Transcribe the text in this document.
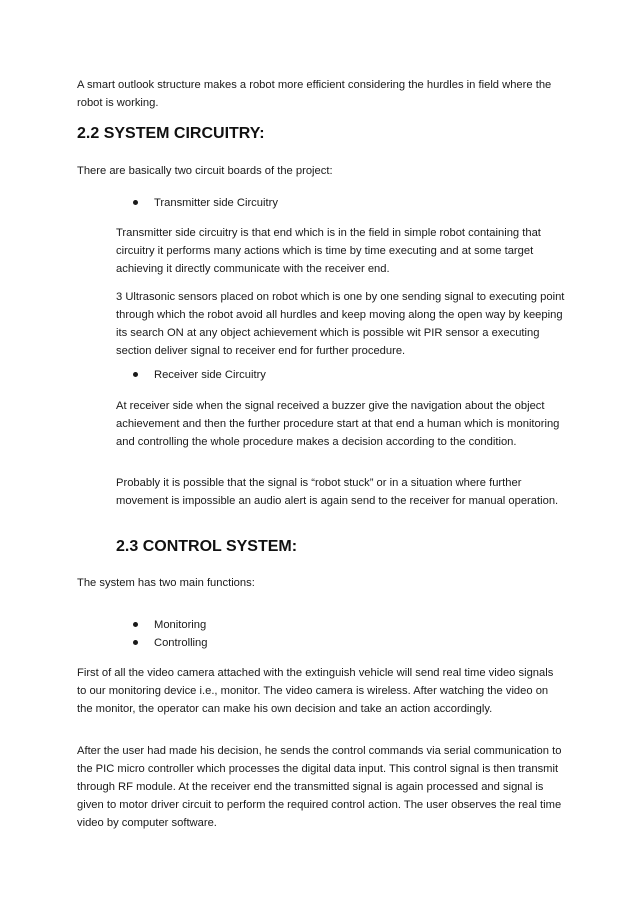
A smart outlook structure makes a robot more efficient considering the hurdles in field where the robot is working.

2.2 SYSTEM CIRCUITRY:

There are basically two circuit boards of the project:

Transmitter side Circuitry

Transmitter side circuitry is that end which is in the field in simple robot containing that circuitry it performs many actions which is time by time executing and at some target achieving it directly communicate with the receiver end.

3 Ultrasonic sensors placed on robot which is one by one sending signal to executing point through which the robot avoid all hurdles and keep moving along the open way by keeping its search ON at any object achievement which is possible wit PIR sensor a executing section deliver signal to receiver end for further procedure.

Receiver side Circuitry

At receiver side when the signal received a buzzer give the navigation about the object achievement and then the further procedure start at that end a human which is monitoring and controlling the whole procedure makes a decision according to the condition.

Probably it is possible that the signal is “robot stuck” or in a situation where further movement is impossible an audio alert is again send to the receiver for manual operation.

2.3 CONTROL SYSTEM:

The system has two main functions:

Monitoring
Controlling

First of all the video camera attached with the extinguish vehicle will send real time video signals to our monitoring device i.e., monitor. The video camera is wireless. After watching the video on the monitor, the operator can make his own decision and take an action accordingly.

After the user had made his decision, he sends the control commands via serial communication to the PIC micro controller which processes the digital data input. This control signal is then transmit through RF module. At the receiver end the transmitted signal is again processed and signal is given to motor driver circuit to perform the required control action. The user observes the real time video by computer software.
